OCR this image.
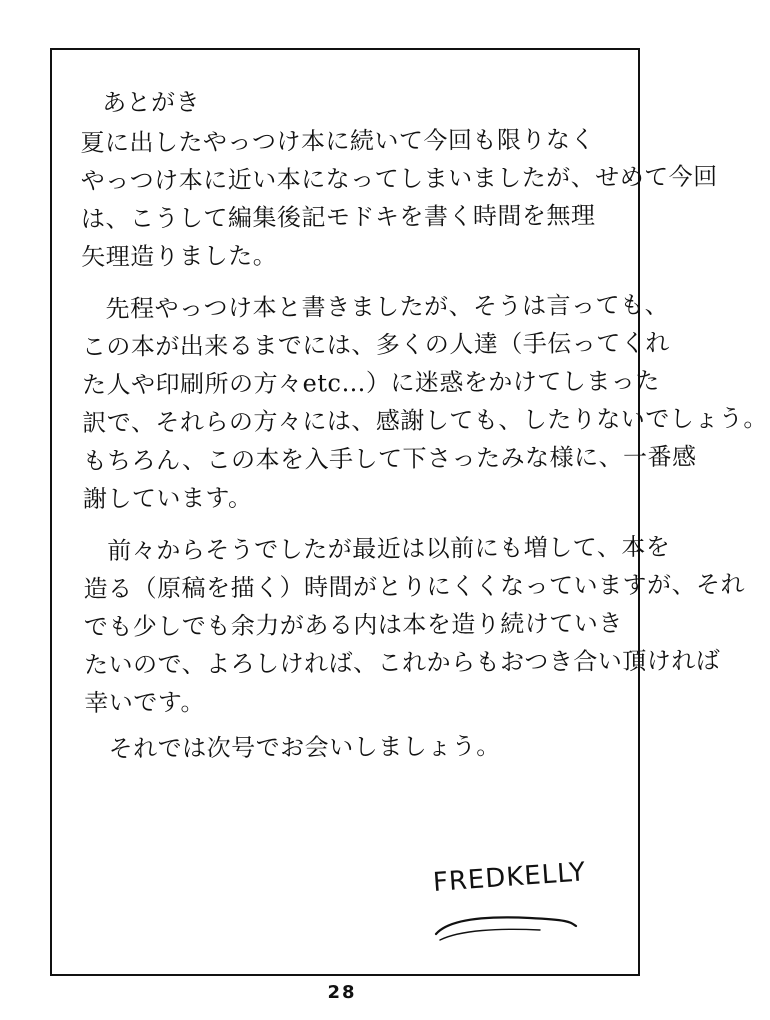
あとがき
夏に出したやっつけ本に続いて今回も限りなく
やっつけ本に近い本になってしまいましたが、せめて今回
は、こうして編集後記モドキを書く時間を無理
矢理造りました。
先程やっつけ本と書きましたが、そうは言っても、
この本が出来るまでには、多くの人達（手伝ってくれ
た人や印刷所の方々etc…）に迷惑をかけてしまった
訳で、それらの方々には、感謝しても、したりないでしょう。
もちろん、この本を入手して下さったみな様に、一番感
謝しています。
前々からそうでしたが最近は以前にも増して、本を
造る（原稿を描く）時間がとりにくくなっていますが、それ
でも少しでも余力がある内は本を造り続けていき
たいので、よろしければ、これからもおつき合い頂ければ
幸いです。
それでは次号でお会いしましょう。
FREDKELLY
28
